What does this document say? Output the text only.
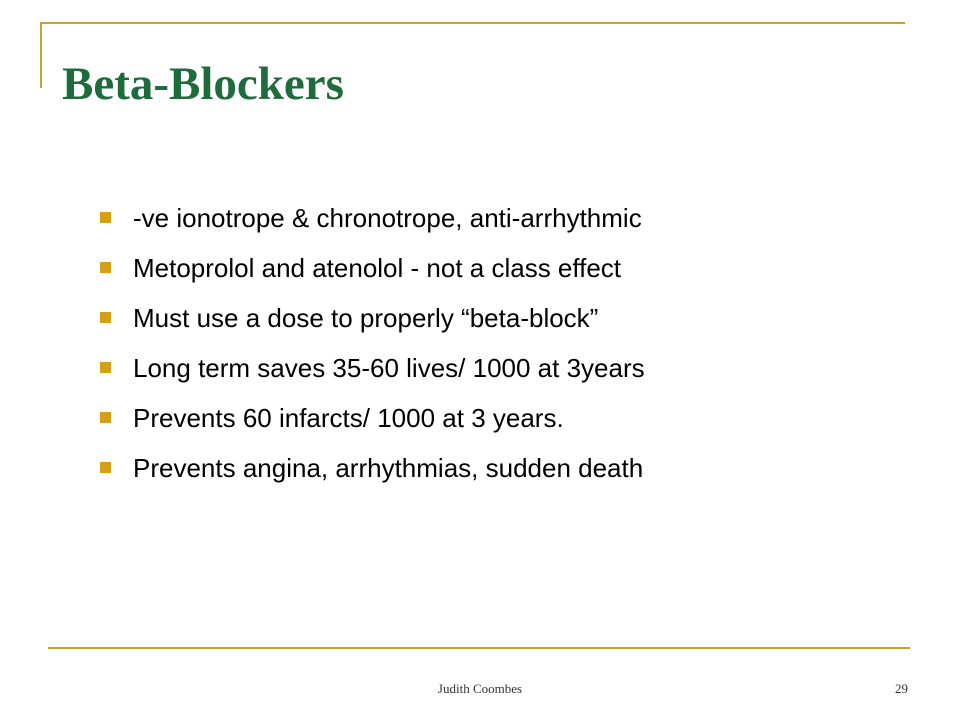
Beta-Blockers
-ve ionotrope & chronotrope, anti-arrhythmic
Metoprolol and atenolol - not a class effect
Must use a dose to properly “beta-block”
Long term saves 35-60 lives/ 1000 at 3years
Prevents 60 infarcts/ 1000 at 3 years.
Prevents angina, arrhythmias, sudden death
Judith Coombes	29
